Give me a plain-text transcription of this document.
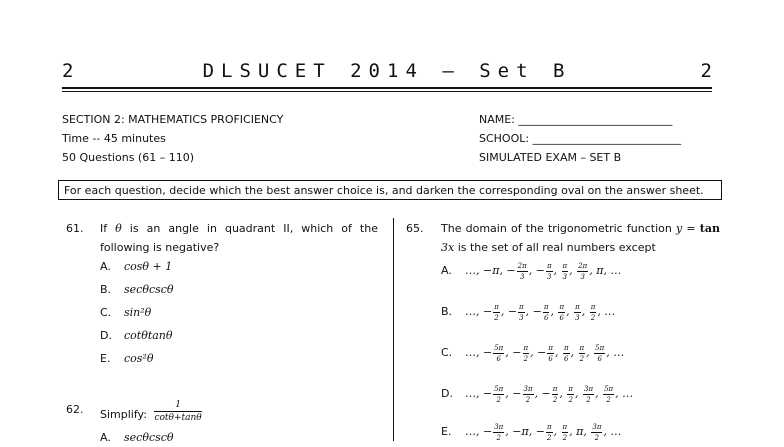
2	DLSUCET 2014 – Set B	2
SECTION 2: MATHEMATICS PROFICIENCY
Time -- 45 minutes
50 Questions (61 – 110)
NAME: ____________________________
SCHOOL: ___________________________
SIMULATED EXAM – SET B
For each question, decide which the best answer choice is, and darken the corresponding oval on the answer sheet.
61. If θ is an angle in quadrant II, which of the following is negative?
A. cosθ + 1
B. secθcscθ
C. sin²θ
D. cotθtanθ
E. cos²θ
62. Simplify: $\frac{1}{\cot\theta+\tan\theta}$
A. secθcscθ
65. The domain of the trigonometric function y = tan 3x is the set of all real numbers except
A. …, −π, − $\frac{2\pi}{3}$ , − $\frac{\pi}{3}$ , $\frac{\pi}{3}$ , $\frac{2\pi}{3}$ , π, …
B. …, − $\frac{\pi}{2}$ , − $\frac{\pi}{3}$ , − $\frac{\pi}{6}$ , $\frac{\pi}{6}$ , $\frac{\pi}{3}$ , $\frac{\pi}{2}$ , …
C. …, − $\frac{5\pi}{6}$ , − $\frac{\pi}{2}$ , − $\frac{\pi}{6}$ , $\frac{\pi}{6}$ , $\frac{\pi}{2}$ , $\frac{5\pi}{6}$ , …
D. …, − $\frac{5\pi}{2}$ , − $\frac{3\pi}{2}$ , − $\frac{\pi}{2}$ , $\frac{\pi}{2}$ , $\frac{3\pi}{2}$ , $\frac{5\pi}{2}$ , …
E. …, − $\frac{3\pi}{2}$ , −π, − $\frac{\pi}{2}$ , $\frac{\pi}{2}$ , π, $\frac{3\pi}{2}$ , …
